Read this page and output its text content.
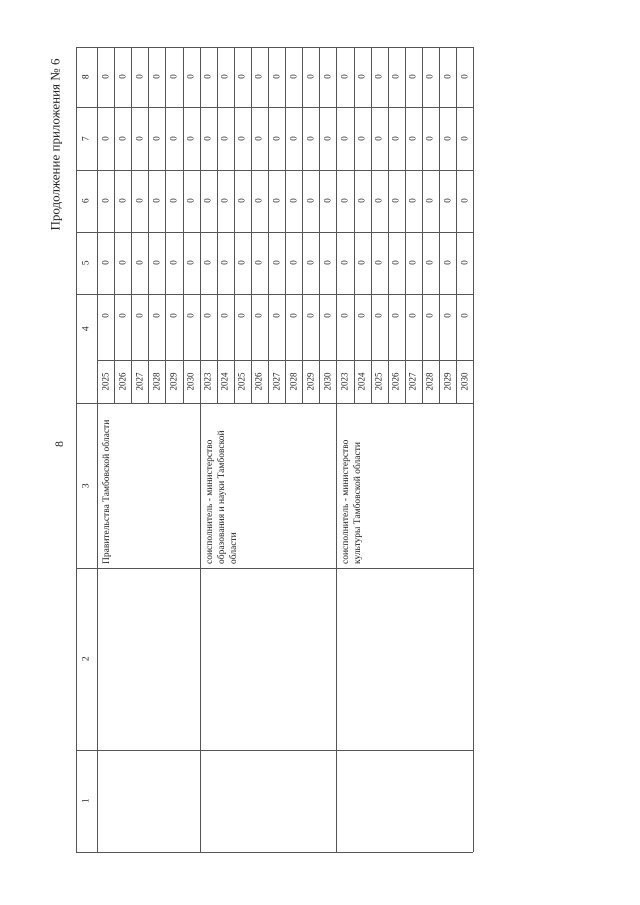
8
Продолжение приложения № 6
1
2
3
4
5
6
7
8
2025
0
0
0
0
0
2026
0
0
0
0
0
2027
0
0
0
0
0
2028
0
0
0
0
0
2029
0
0
0
0
0
2030
0
0
0
0
0
Правительства Тамбовской области
2023
0
0
0
0
0
2024
0
0
0
0
0
2025
0
0
0
0
0
2026
0
0
0
0
0
2027
0
0
0
0
0
2028
0
0
0
0
0
2029
0
0
0
0
0
2030
0
0
0
0
0
соисполнитель - министерство образования и науки Тамбовской области
2023
0
0
0
0
0
2024
0
0
0
0
0
2025
0
0
0
0
0
2026
0
0
0
0
0
2027
0
0
0
0
0
2028
0
0
0
0
0
2029
0
0
0
0
0
2030
0
0
0
0
0
соисполнитель - министерство культуры Тамбовской области
